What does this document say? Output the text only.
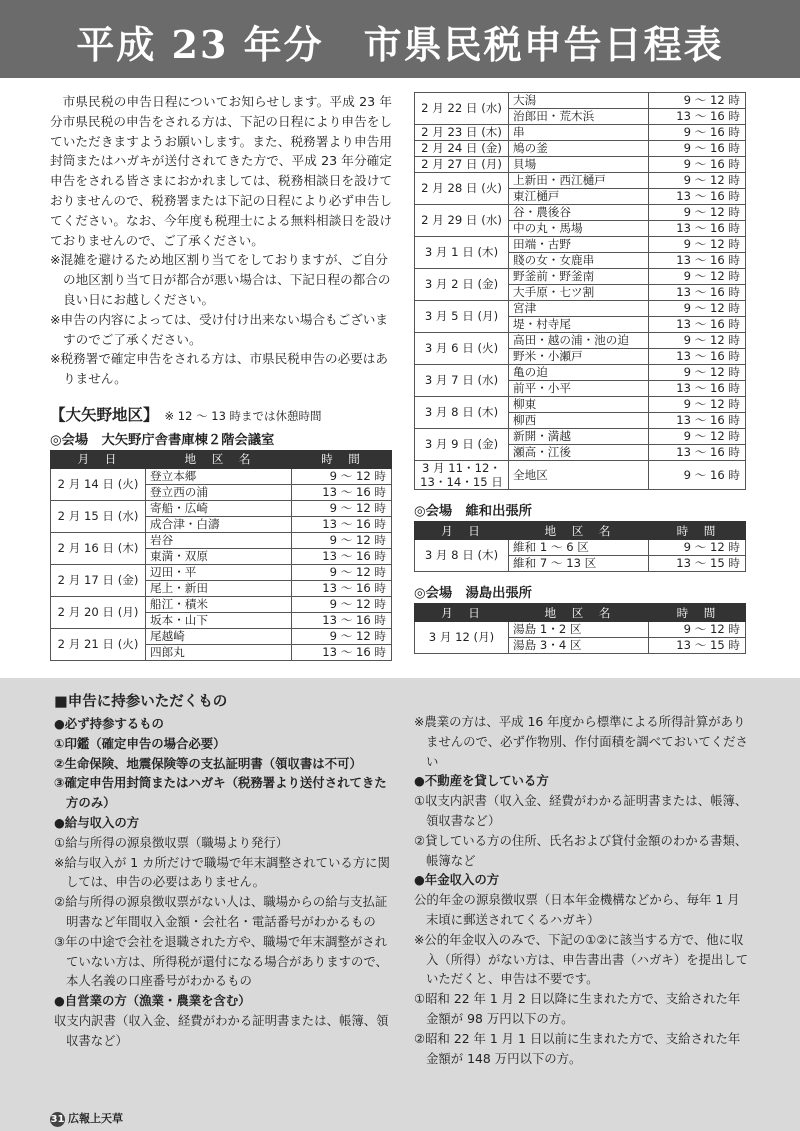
平成 23 年分　市県民税申告日程表

市県民税の申告日程についてお知らせします。平成 23 年分市県民税の申告をされる方は、下記の日程により申告をしていただきますようお願いします。また、税務署より申告用封筒またはハガキが送付されてきた方で、平成 23 年分確定申告をされる皆さまにおかれましては、税務相談日を設けておりませんので、税務署または下記の日程により必ず申告してください。なお、今年度も税理士による無料相談日を設けておりませんので、ご了承ください。

※混雑を避けるため地区割り当てをしておりますが、ご自分の地区割り当て日が都合が悪い場合は、下記日程の都合の良い日にお越しください。

※申告の内容によっては、受け付け出来ない場合もございますのでご了承ください。

※税務署で確定申告をされる方は、市県民税申告の必要はありません。

【大矢野地区】 ※ 12 ～ 13 時までは休憩時間
◎会場　大矢野庁舎書庫棟２階会議室
月　日	地　区　名	時　間
2 月 14 日 (火)	登立本郷	9 ～ 12 時
	登立西の浦	13 ～ 16 時
2 月 15 日 (水)	寄船・広崎	9 ～ 12 時
	成合津・白濤	13 ～ 16 時
2 月 16 日 (木)	岩谷	9 ～ 12 時
	東満・双原	13 ～ 16 時
2 月 17 日 (金)	辺田・平	9 ～ 12 時
	尾上・新田	13 ～ 16 時
2 月 20 日 (月)	船江・積米	9 ～ 12 時
	坂本・山下	13 ～ 16 時
2 月 21 日 (火)	尾越崎	9 ～ 12 時
	四郎丸	13 ～ 16 時
2 月 22 日 (水)	大潟	9 ～ 12 時
	治郎田・荒木浜	13 ～ 16 時
2 月 23 日 (木)	串	9 ～ 16 時
2 月 24 日 (金)	鳩の釜	9 ～ 16 時
2 月 27 日 (月)	貝場	9 ～ 16 時
2 月 28 日 (火)	上新田・西江樋戸	9 ～ 12 時
	東江樋戸	13 ～ 16 時
2 月 29 日 (水)	谷・農後谷	9 ～ 12 時
	中の丸・馬場	13 ～ 16 時
3 月 1 日 (木)	田端・古野	9 ～ 12 時
	賤の女・女鹿串	13 ～ 16 時
3 月 2 日 (金)	野釜前・野釜南	9 ～ 12 時
	大手原・七ツ割	13 ～ 16 時
3 月 5 日 (月)	宮津	9 ～ 12 時
	堤・村寺尾	13 ～ 16 時
3 月 6 日 (火)	高田・越の浦・池の迫	9 ～ 12 時
	野米・小瀬戸	13 ～ 16 時
3 月 7 日 (水)	亀の迫	9 ～ 12 時
	前平・小平	13 ～ 16 時
3 月 8 日 (木)	柳東	9 ～ 12 時
	柳西	13 ～ 16 時
3 月 9 日 (金)	新開・満越	9 ～ 12 時
	瀬高・江後	13 ～ 16 時
3 月 11・12・13・14・15 日	全地区	9 ～ 16 時
◎会場　維和出張所
月　日	地　区　名	時　間
3 月 8 日 (木)	維和 1 ～ 6 区	9 ～ 12 時
	維和 7 ～ 13 区	13 ～ 15 時
◎会場　湯島出張所
月　日	地　区　名	時　間
3 月 12 (月)	湯島 1・2 区	9 ～ 12 時
	湯島 3・4 区	13 ～ 15 時
■申告に持参いただくもの

●必ず持参するもの

①印鑑（確定申告の場合必要）

②生命保険、地震保険等の支払証明書（領収書は不可）

③確定申告用封筒またはハガキ（税務署より送付されてきた方のみ）

●給与収入の方

①給与所得の源泉徴収票（職場より発行）

※給与収入が 1 カ所だけで職場で年末調整されている方に関しては、申告の必要はありません。

②給与所得の源泉徴収票がない人は、職場からの給与支払証明書など年間収入金額・会社名・電話番号がわかるもの

③年の中途で会社を退職された方や、職場で年末調整がされていない方は、所得税が還付になる場合がありますので、本人名義の口座番号がわかるもの

●自営業の方（漁業・農業を含む）

収支内訳書（収入金、経費がわかる証明書または、帳簿、領収書など）

※農業の方は、平成 16 年度から標準による所得計算がありませんので、必ず作物別、作付面積を調べておいてください

●不動産を貸している方

①収支内訳書（収入金、経費がわかる証明書または、帳簿、領収書など）

②貸している方の住所、氏名および貸付金額のわかる書類、帳簿など

●年金収入の方

公的年金の源泉徴収票（日本年金機構などから、毎年 1 月末頃に郵送されてくるハガキ）

※公的年金収入のみで、下記の①②に該当する方で、他に収入（所得）がない方は、申告書出書（ハガキ）を提出していただくと、申告は不要です。

①昭和 22 年 1 月 2 日以降に生まれた方で、支給された年金額が 98 万円以下の方。

②昭和 22 年 1 月 1 日以前に生まれた方で、支給された年金額が 148 万円以下の方。

31 広報上天草
